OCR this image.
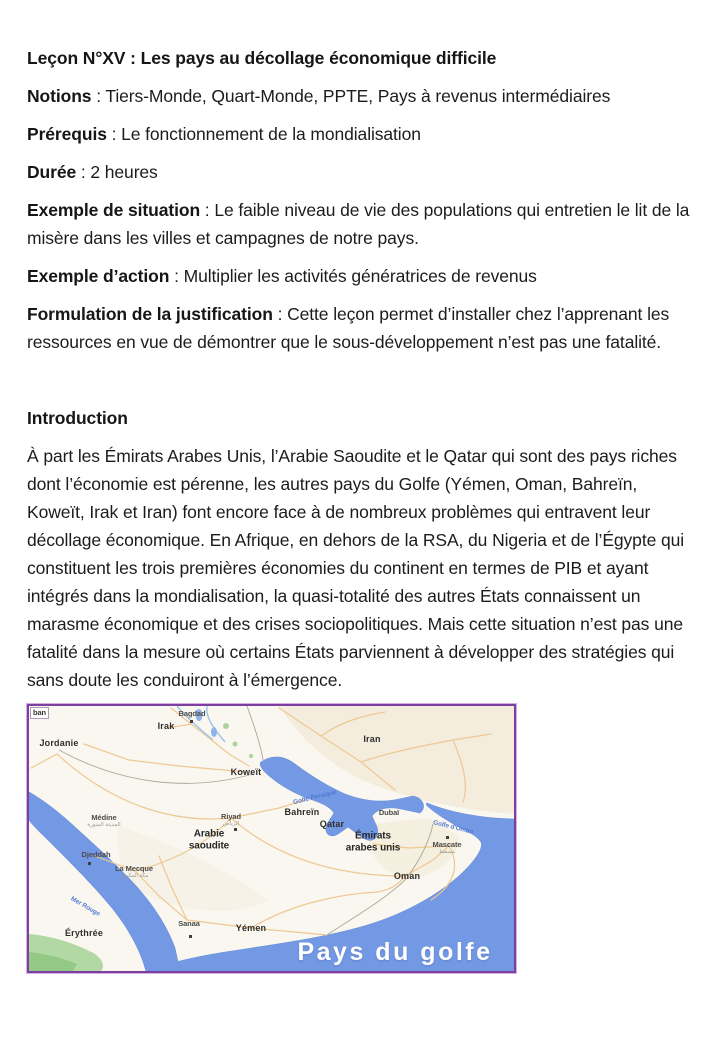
Leçon N°XV : Les pays au décollage économique difficile

Notions : Tiers-Monde, Quart-Monde, PPTE, Pays à revenus intermédiaires

Prérequis : Le fonctionnement de la mondialisation

Durée : 2 heures

Exemple de situation : Le faible niveau de vie des populations qui entretien le lit de la misère dans les villes et campagnes de notre pays.

Exemple d’action : Multiplier les activités génératrices de revenus

Formulation de la justification : Cette leçon permet d’installer chez l’apprenant les ressources en vue de démontrer que le sous-développement n’est pas une fatalité.

Introduction

À part les Émirats Arabes Unis, l’Arabie Saoudite et le Qatar qui sont des pays riches dont l’économie est pérenne, les autres pays du Golfe (Yémen, Oman, Bahreïn, Koweït, Irak et Iran) font encore face à de nombreux problèmes qui entravent leur décollage économique. En Afrique, en dehors de la RSA, du Nigeria et de l’Égypte qui constituent les trois premières économies du continent en termes de PIB et ayant intégrés dans la mondialisation, la quasi-totalité des autres États connaissent un marasme économique et des crises sociopolitiques. Mais cette situation n’est pas une fatalité dans la mesure où certains États parviennent à développer des stratégies qui sans doute les conduiront à l’émergence.

ban
Jordanie
Irak
Bagdad
Iran
Koweït
Golfe Persique
Bahreïn
Qatar
Dubaï
Médine
المدينة المنورة
Riyad
الرياض
Arabie saoudite
Émirats arabes unis
Golfe d'Oman
Mascate
مسقط
Djeddah
La Mecque
مكة المكرمة
Mer Rouge
Oman
Sanaa	Yémen
Érythrée
Pays du golfe
